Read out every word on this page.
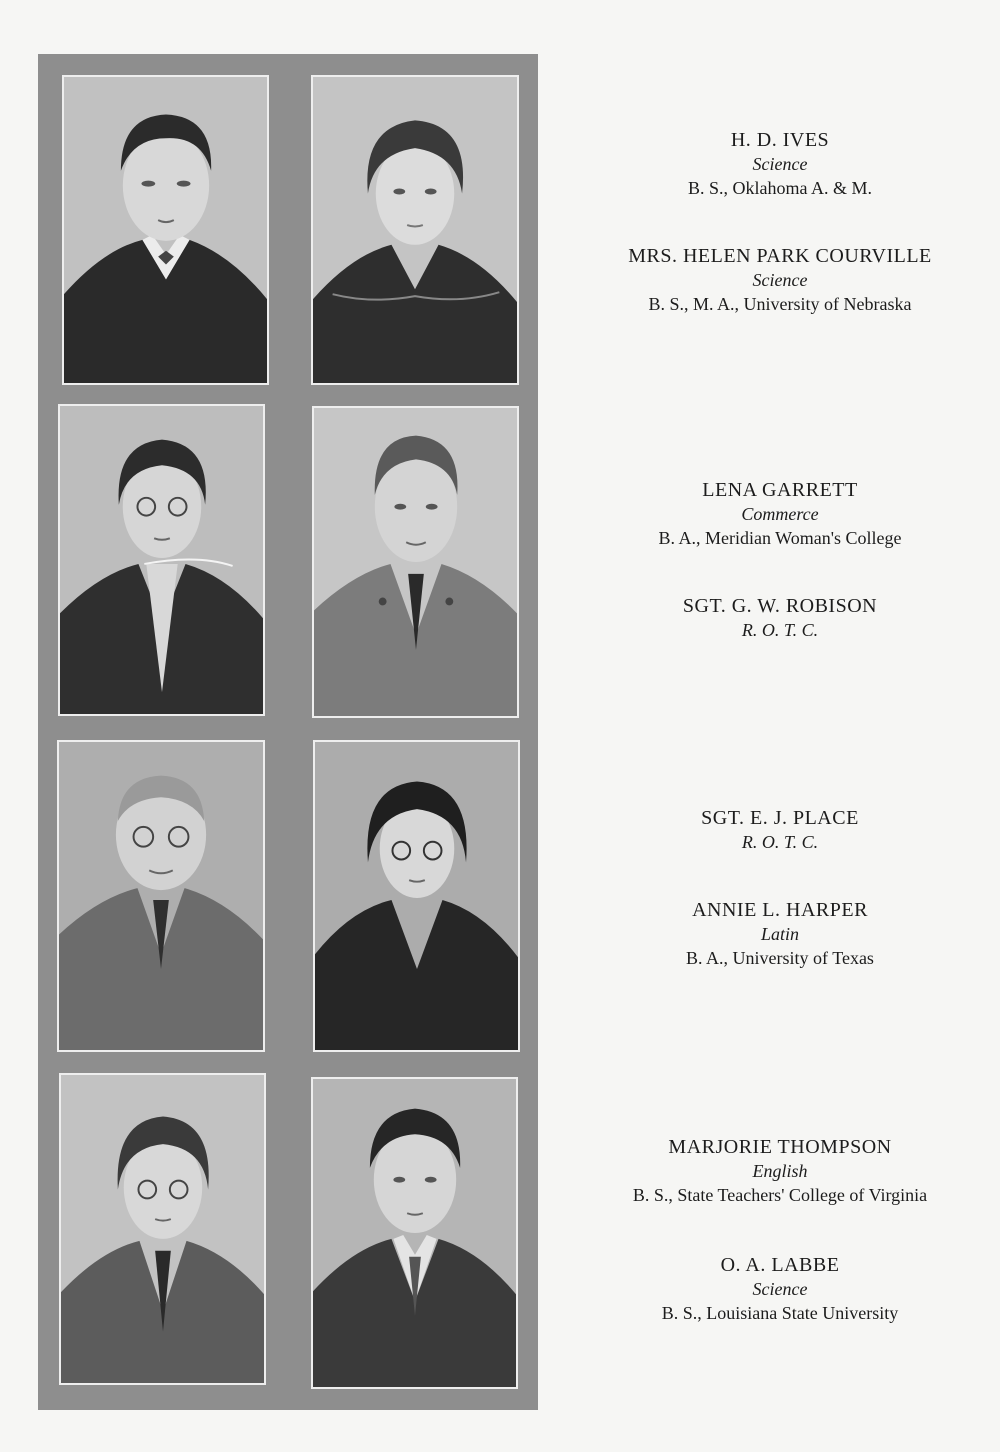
H. D. IVES
Science
B. S., Oklahoma A. & M.
MRS. HELEN PARK COURVILLE
Science
B. S., M. A., University of Nebraska
LENA GARRETT
Commerce
B. A., Meridian Woman's College
SGT. G. W. ROBISON
R. O. T. C.
SGT. E. J. PLACE
R. O. T. C.
ANNIE L. HARPER
Latin
B. A., University of Texas
MARJORIE THOMPSON
English
B. S., State Teachers' College of Virginia
O. A. LABBE
Science
B. S., Louisiana State University
